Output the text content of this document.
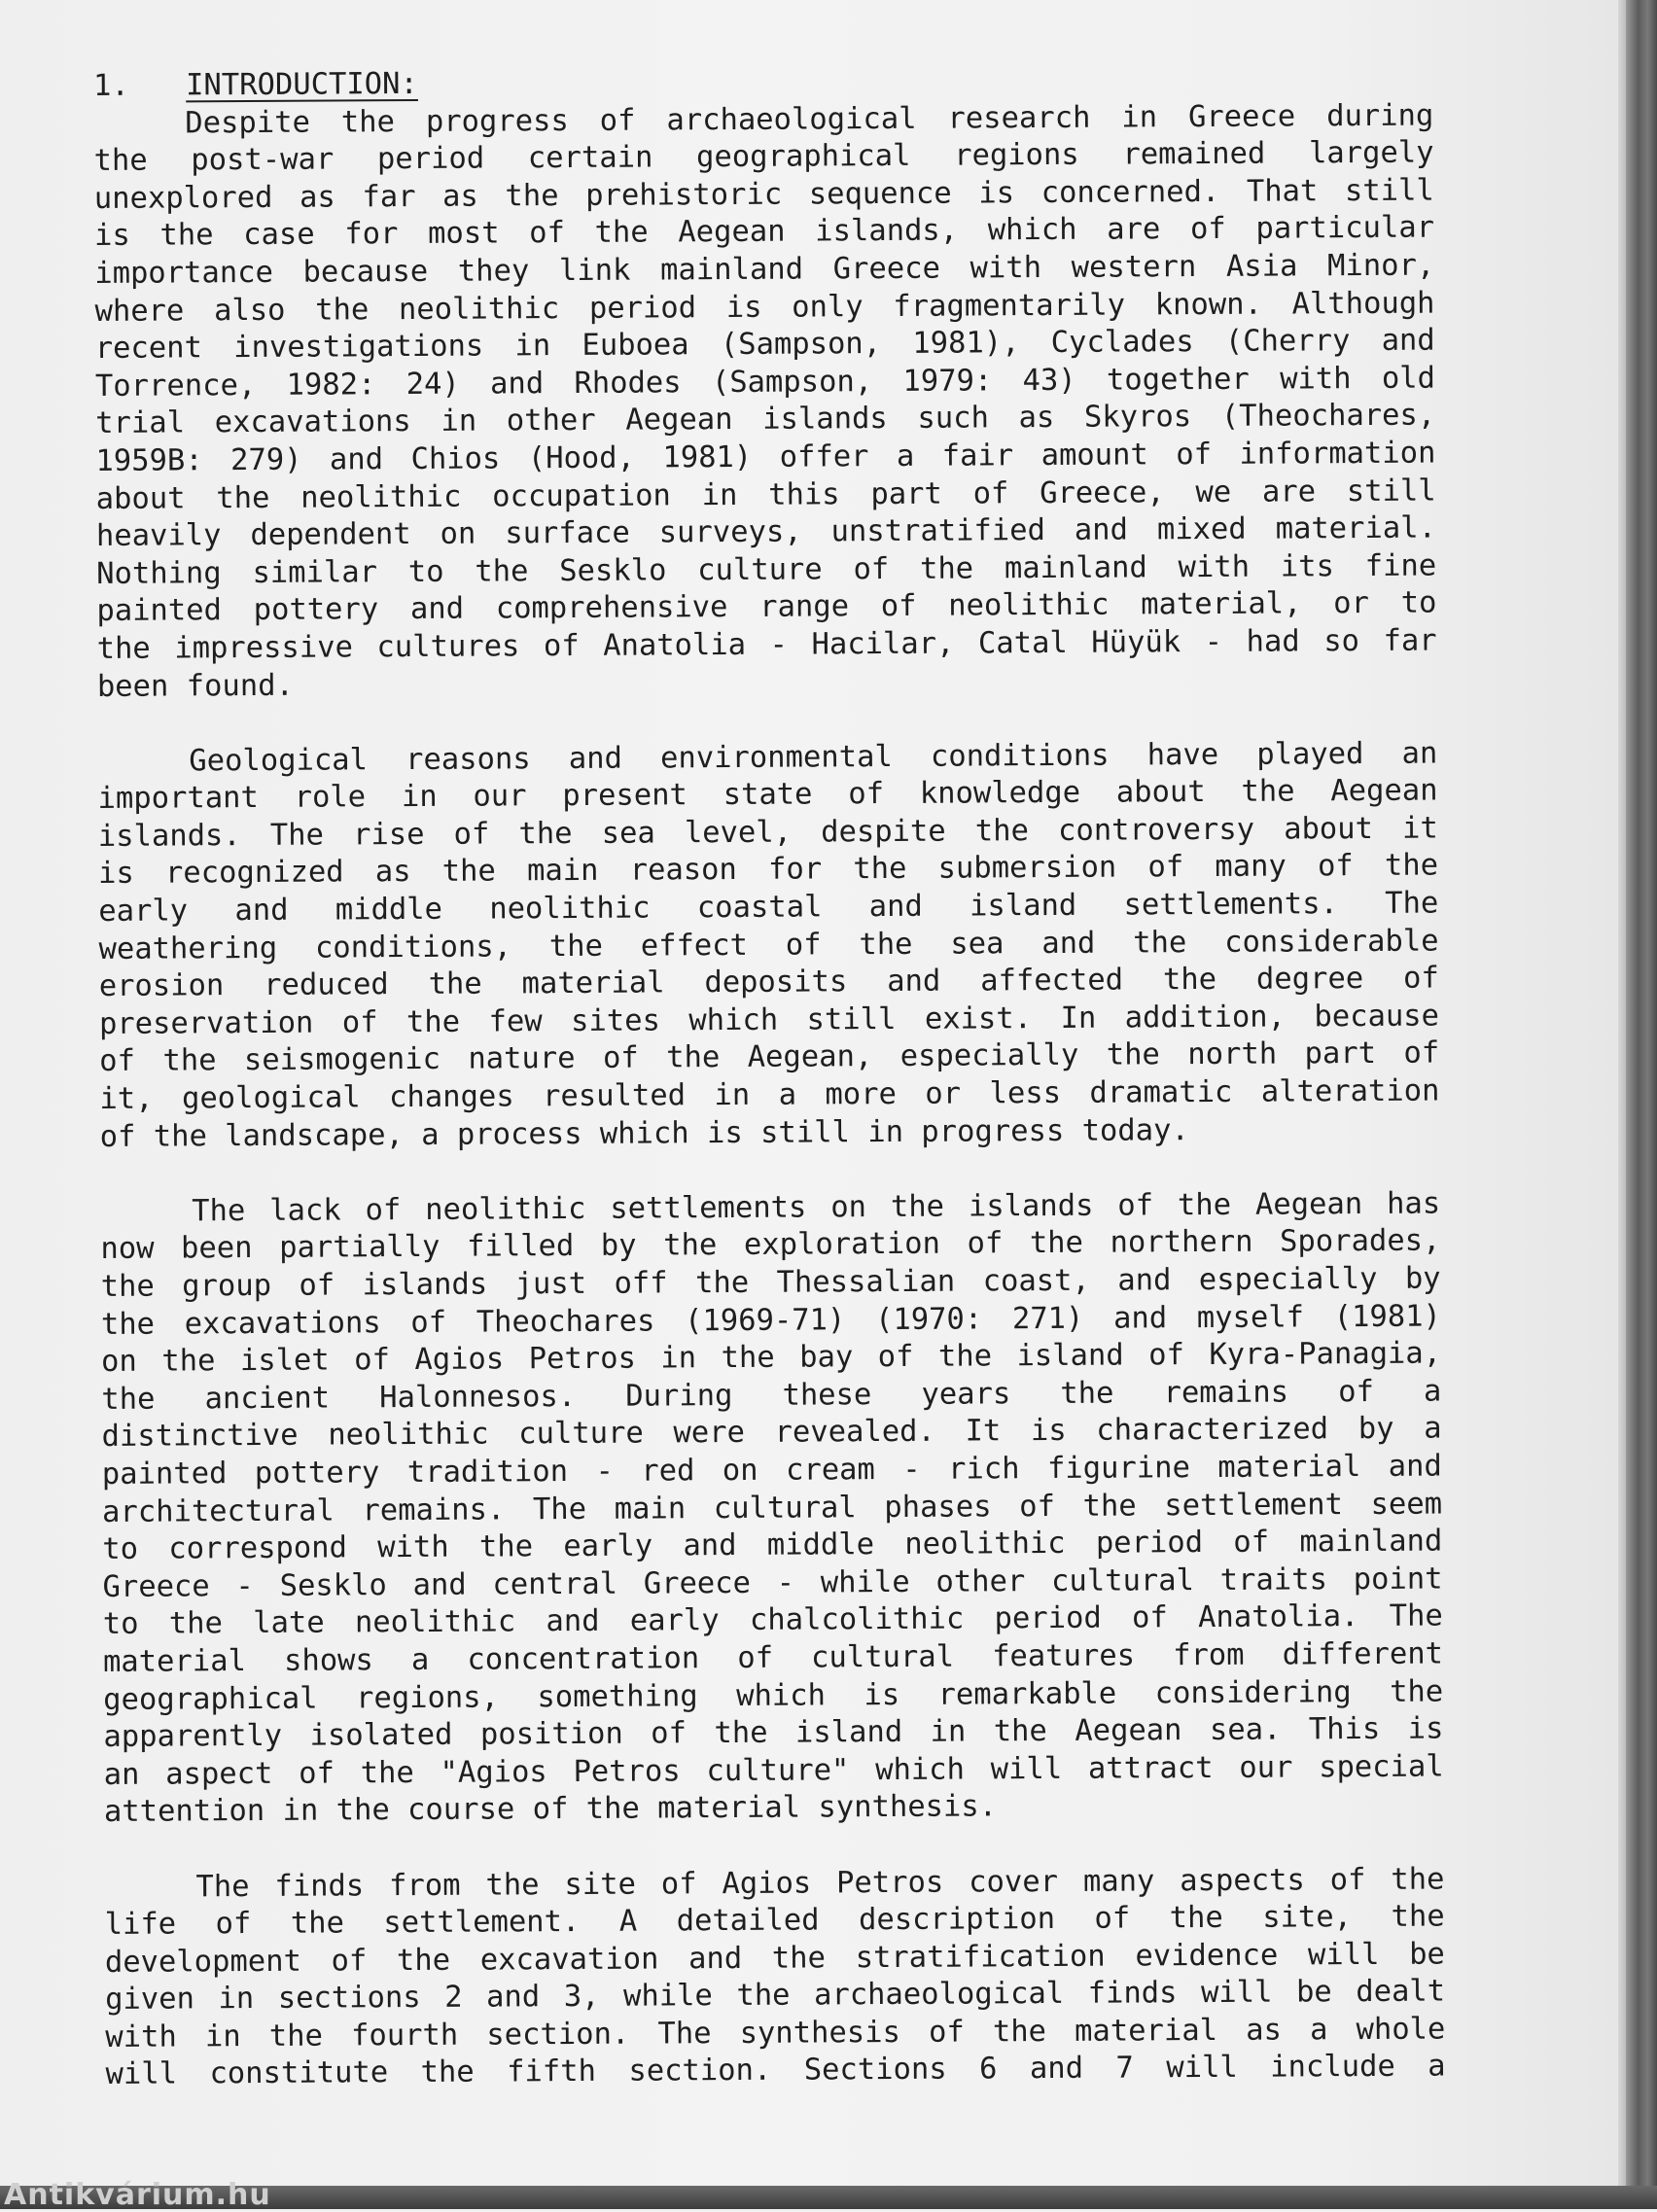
1. INTRODUCTION:
Despite the progress of archaeological research in Greece during
the post-war period certain geographical regions remained largely
unexplored as far as the prehistoric sequence is concerned. That still
is the case for most of the Aegean islands, which are of particular
importance because they link mainland Greece with western Asia Minor,
where also the neolithic period is only fragmentarily known. Although
recent investigations in Euboea (Sampson, 1981), Cyclades (Cherry and
Torrence, 1982: 24) and Rhodes (Sampson, 1979: 43) together with old
trial excavations in other Aegean islands such as Skyros (Theochares,
1959B: 279) and Chios (Hood, 1981) offer a fair amount of information
about the neolithic occupation in this part of Greece, we are still
heavily dependent on surface surveys, unstratified and mixed material.
Nothing similar to the Sesklo culture of the mainland with its fine
painted pottery and comprehensive range of neolithic material, or to
the impressive cultures of Anatolia - Hacilar, Catal Hüyük - had so far
been found.
Geological reasons and environmental conditions have played an
important role in our present state of knowledge about the Aegean
islands. The rise of the sea level, despite the controversy about it
is recognized as the main reason for the submersion of many of the
early and middle neolithic coastal and island settlements. The
weathering conditions, the effect of the sea and the considerable
erosion reduced the material deposits and affected the degree of
preservation of the few sites which still exist. In addition, because
of the seismogenic nature of the Aegean, especially the north part of
it, geological changes resulted in a more or less dramatic alteration
of the landscape, a process which is still in progress today.
The lack of neolithic settlements on the islands of the Aegean has
now been partially filled by the exploration of the northern Sporades,
the group of islands just off the Thessalian coast, and especially by
the excavations of Theochares (1969-71) (1970: 271) and myself (1981)
on the islet of Agios Petros in the bay of the island of Kyra-Panagia,
the ancient Halonnesos. During these years the remains of a
distinctive neolithic culture were revealed. It is characterized by a
painted pottery tradition - red on cream - rich figurine material and
architectural remains. The main cultural phases of the settlement seem
to correspond with the early and middle neolithic period of mainland
Greece - Sesklo and central Greece - while other cultural traits point
to the late neolithic and early chalcolithic period of Anatolia. The
material shows a concentration of cultural features from different
geographical regions, something which is remarkable considering the
apparently isolated position of the island in the Aegean sea. This is
an aspect of the "Agios Petros culture" which will attract our special
attention in the course of the material synthesis.
The finds from the site of Agios Petros cover many aspects of the
life of the settlement. A detailed description of the site, the
development of the excavation and the stratification evidence will be
given in sections 2 and 3, while the archaeological finds will be dealt
with in the fourth section. The synthesis of the material as a whole
will constitute the fifth section. Sections 6 and 7 will include a
Antikvárium.hu
